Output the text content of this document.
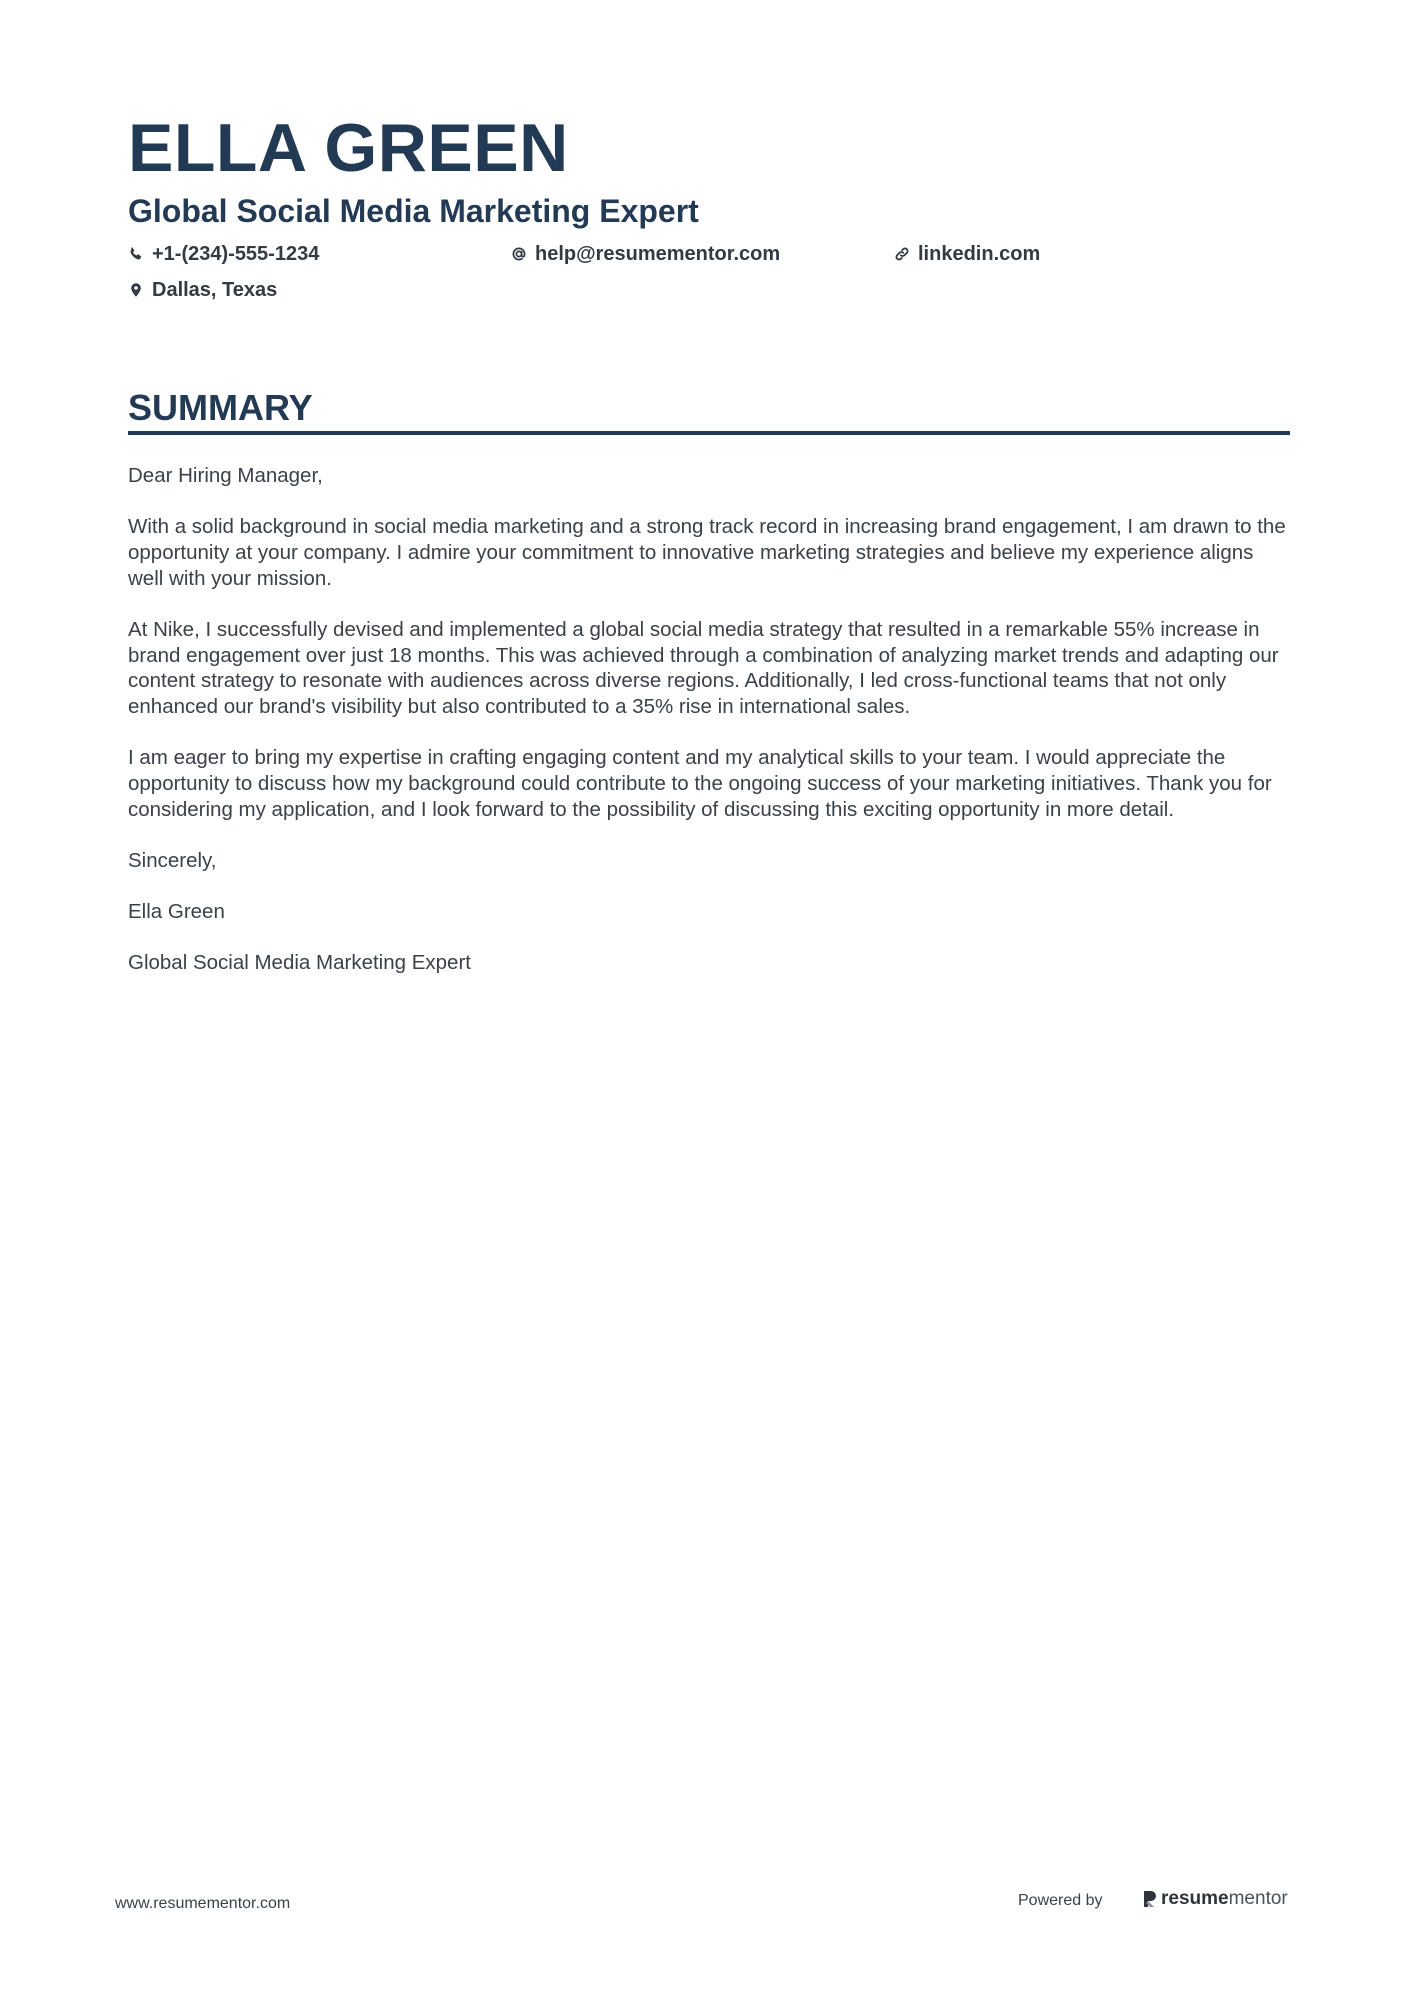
ELLA GREEN
Global Social Media Marketing Expert
+1-(234)-555-1234	help@resumementor.com	linkedin.com
Dallas, Texas
SUMMARY

Dear Hiring Manager,

With a solid background in social media marketing and a strong track record in increasing brand engagement, I am drawn to the opportunity at your company. I admire your commitment to innovative marketing strategies and believe my experience aligns well with your mission.

At Nike, I successfully devised and implemented a global social media strategy that resulted in a remarkable 55% increase in brand engagement over just 18 months. This was achieved through a combination of analyzing market trends and adapting our content strategy to resonate with audiences across diverse regions. Additionally, I led cross-functional teams that not only enhanced our brand's visibility but also contributed to a 35% rise in international sales.

I am eager to bring my expertise in crafting engaging content and my analytical skills to your team. I would appreciate the opportunity to discuss how my background could contribute to the ongoing success of your marketing initiatives. Thank you for considering my application, and I look forward to the possibility of discussing this exciting opportunity in more detail.

Sincerely,

Ella Green

Global Social Media Marketing Expert

www.resumementor.com	Powered by	resume mentor
